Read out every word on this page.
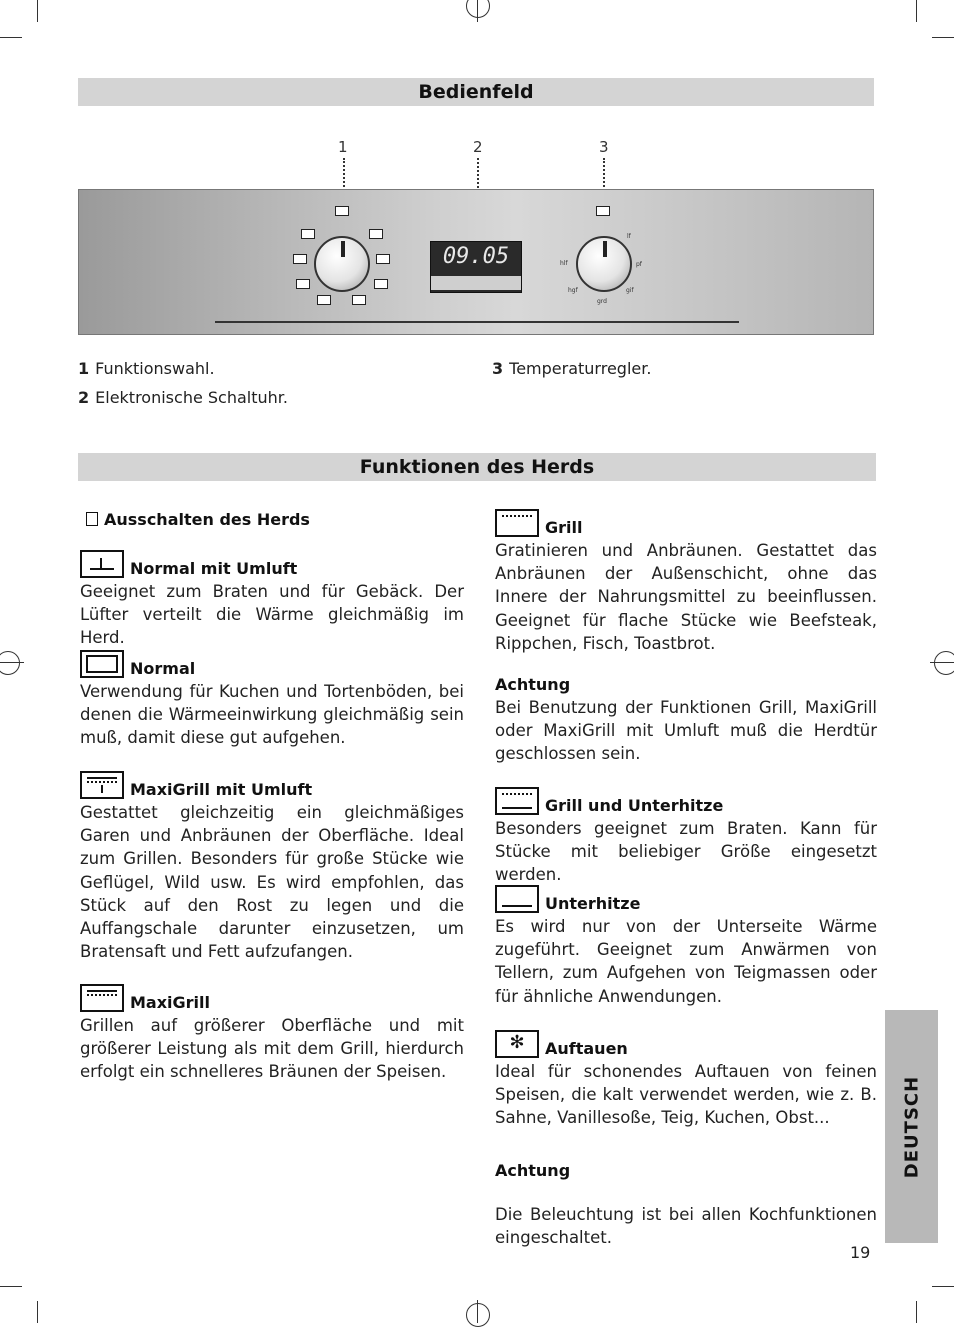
Bedienfeld
1	2	3
09.05	hlf
hgf
grd
gif
pf
lf
1 Funktionswahl.
2 Elektronische Schaltuhr.
3 Temperaturregler.
Funktionen des Herds
Ausschalten des Herds
Normal mit Umluft
Geeignet zum Braten und für Gebäck. Der Lüfter verteilt die Wärme gleichmäßig im Herd.
Normal
Verwendung für Kuchen und Tortenböden, bei denen die Wärmeeinwirkung gleichmäßig sein muß, damit diese gut aufgehen.
MaxiGrill mit Umluft
Gestattet gleichzeitig ein gleichmäßiges Garen und Anbräunen der Oberfläche. Ideal zum Grillen. Besonders für große Stücke wie Geflügel, Wild usw. Es wird empfohlen, das Stück auf den Rost zu legen und die Auffangschale darunter einzusetzen, um Bratensaft und Fett aufzufangen.
MaxiGrill
Grillen auf größerer Oberfläche und mit größerer Leistung als mit dem Grill, hierdurch erfolgt ein schnelleres Bräunen der Speisen.
Grill
Gratinieren und Anbräunen. Gestattet das Anbräunen der Außenschicht, ohne das Innere der Nahrungsmittel zu beeinflussen. Geeignet für flache Stücke wie Beefsteak, Rippchen, Fisch, Toastbrot.
Achtung
Bei Benutzung der Funktionen Grill, MaxiGrill oder MaxiGrill mit Umluft muß die Herdtür geschlossen sein.
Grill und Unterhitze
Besonders geeignet zum Braten. Kann für Stücke mit beliebiger Größe eingesetzt werden.
Unterhitze
Es wird nur von der Unterseite Wärme zugeführt. Geeignet zum Anwärmen von Tellern, zum Aufgehen von Teigmassen oder für ähnliche Anwendungen.
✻	Auftauen
Ideal für schonendes Auftauen von feinen Speisen, die kalt verwendet werden, wie z. B. Sahne, Vanillesoße, Teig, Kuchen, Obst...
Achtung
Die Beleuchtung ist bei allen Kochfunktionen eingeschaltet.
DEUTSCH
19
